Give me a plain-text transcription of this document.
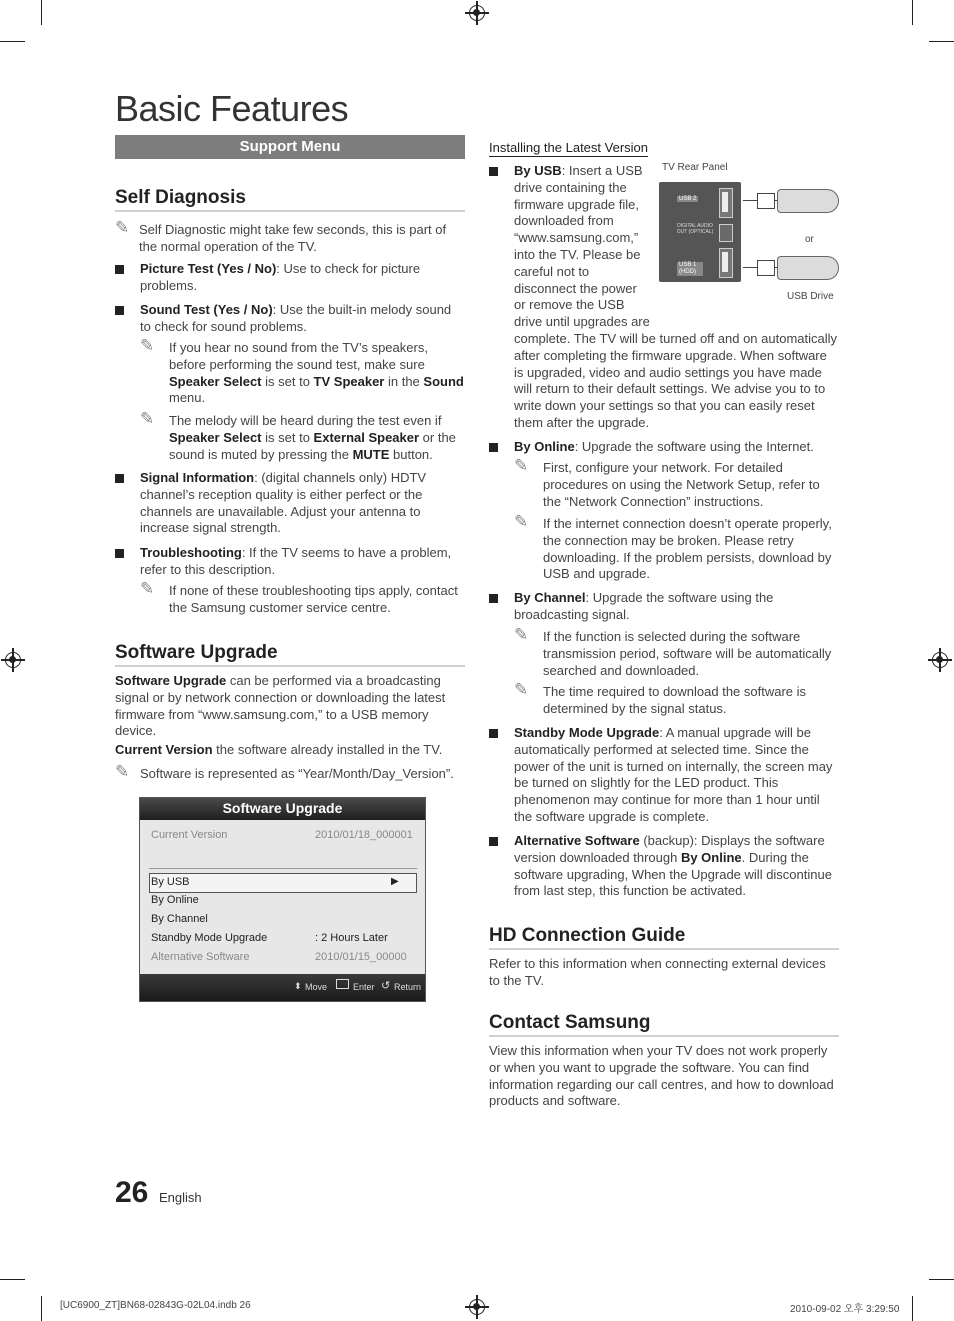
Basic Features
Support Menu
Self Diagnosis
✎ Self Diagnostic might take few seconds, this is part of the normal operation of the TV.
Picture Test (Yes / No): Use to check for picture problems.
Sound Test (Yes / No): Use the built-in melody sound to check for sound problems.
✎	If you hear no sound from the TV’s speakers, before performing the sound test, make sure Speaker Select is set to TV Speaker in the Sound menu.
✎	The melody will be heard during the test even if Speaker Select is set to External Speaker or the sound is muted by pressing the MUTE button.
Signal Information: (digital channels only) HDTV channel’s reception quality is either perfect or the channels are unavailable. Adjust your antenna to increase signal strength.
Troubleshooting: If the TV seems to have a problem, refer to this description.
✎	If none of these troubleshooting tips apply, contact the Samsung customer service centre.
Software Upgrade
Software Upgrade can be performed via a broadcasting signal or by network connection or downloading the latest firmware from “www.samsung.com,” to a USB memory device.
Current Version the software already installed in the TV.
✎ Software is represented as “Year/Month/Day_Version”.
Software Upgrade
Current Version	2010/01/18_000001
By USB	▶
By Online
By Channel
Standby Mode Upgrade	: 2 Hours Later
Alternative Software	2010/01/15_00000
⬍ Move	Enter ↺ Return
Installing the Latest Version
TV Rear Panel
USB 2
DIGITAL AUDIO OUT (OPTICAL)
USB 1 (HDD)
or
USB Drive
By USB: Insert a USB drive containing the firmware upgrade file, downloaded from “www.samsung.com,” into the TV. Please be careful not to disconnect the power or remove the USB drive until upgrades are complete. The TV will be turned off and on automatically after completing the firmware upgrade. When software is upgraded, video and audio settings you have made will return to their default settings. We advise you to to write down your settings so that you can easily reset them after the upgrade.
By Online: Upgrade the software using the Internet.
✎	First, configure your network. For detailed procedures on using the Network Setup, refer to the “Network Connection” instructions.
✎	If the internet connection doesn’t operate properly, the connection may be broken. Please retry downloading. If the problem persists, download by USB and upgrade.
By Channel: Upgrade the software using the broadcasting signal.
✎	If the function is selected during the software transmission period, software will be automatically searched and downloaded.
✎	The time required to download the software is determined by the signal status.
Standby Mode Upgrade: A manual upgrade will be automatically performed at selected time. Since the power of the unit is turned on internally, the screen may be turned on slightly for the LED product. This phenomenon may continue for more than 1 hour until the software upgrade is complete.
Alternative Software (backup): Displays the software version downloaded through By Online. During the software upgrading, When the Upgrade will discontinue from last step, this function be activated.
HD Connection Guide
Refer to this information when connecting external devices to the TV.
Contact Samsung
View this information when your TV does not work properly or when you want to upgrade the software. You can find information regarding our call centres, and how to download products and software.
26 English
[UC6900_ZT]BN68-02843G-02L04.indb 26	2010-09-02 오후 3:29:50
